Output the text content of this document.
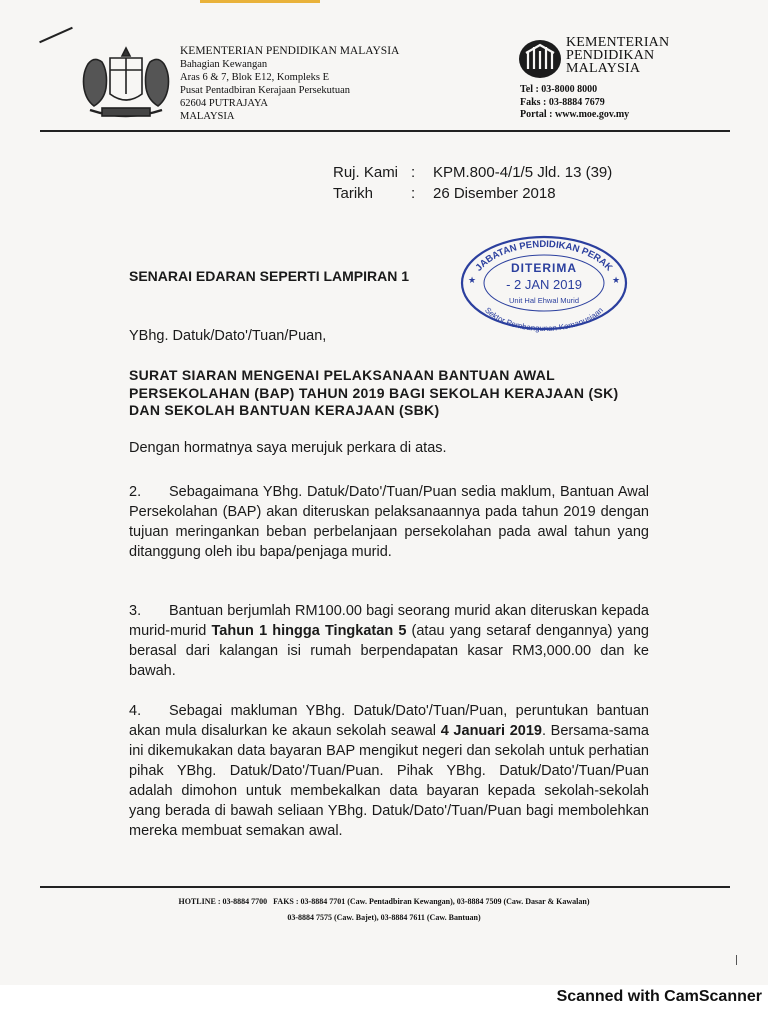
KEMENTERIAN PENDIDIKAN MALAYSIA
Bahagian Kewangan
Aras 6 & 7, Blok E12, Kompleks E
Pusat Pentadbiran Kerajaan Persekutuan
62604 PUTRAJAYA
MALAYSIA
KEMENTERIAN
PENDIDIKAN
MALAYSIA
Tel : 03-8000 8000
Faks : 03-8884 7679
Portal : www.moe.gov.my
Ruj. Kami :	KPM.800-4/1/5 Jld. 13 (39)
Tarikh	:	26 Disember 2018
JABATAN PENDIDIKAN PERAK
DITERIMA
- 2 JAN 2019
Unit Hal Ehwal Murid
Sektor Pembangunan Kemanusiaan
★	★
SENARAI EDARAN SEPERTI LAMPIRAN 1
YBhg. Datuk/Dato'/Tuan/Puan,
SURAT SIARAN MENGENAI PELAKSANAAN BANTUAN AWAL PERSEKOLAHAN (BAP) TAHUN 2019 BAGI SEKOLAH KERAJAAN (SK) DAN SEKOLAH BANTUAN KERAJAAN (SBK)
Dengan hormatnya saya merujuk perkara di atas.
2. Sebagaimana YBhg. Datuk/Dato'/Tuan/Puan sedia maklum, Bantuan Awal Persekolahan (BAP) akan diteruskan pelaksanaannya pada tahun 2019 dengan tujuan meringankan beban perbelanjaan persekolahan pada awal tahun yang ditanggung oleh ibu bapa/penjaga murid.
3. Bantuan berjumlah RM100.00 bagi seorang murid akan diteruskan kepada murid-murid Tahun 1 hingga Tingkatan 5 (atau yang setaraf dengannya) yang berasal dari kalangan isi rumah berpendapatan kasar RM3,000.00 dan ke bawah.
4. Sebagai makluman YBhg. Datuk/Dato'/Tuan/Puan, peruntukan bantuan akan mula disalurkan ke akaun sekolah seawal 4 Januari 2019. Bersama-sama ini dikemukakan data bayaran BAP mengikut negeri dan sekolah untuk perhatian pihak YBhg. Datuk/Dato'/Tuan/Puan. Pihak YBhg. Datuk/Dato'/Tuan/Puan adalah dimohon untuk membekalkan data bayaran kepada sekolah-sekolah yang berada di bawah seliaan YBhg. Datuk/Dato'/Tuan/Puan bagi membolehkan mereka membuat semakan awal.
HOTLINE : 03-8884 7700 FAKS : 03-8884 7701 (Caw. Pentadbiran Kewangan), 03-8884 7509 (Caw. Dasar & Kawalan)
03-8884 7575 (Caw. Bajet), 03-8884 7611 (Caw. Bantuan)
Scanned with CamScanner
